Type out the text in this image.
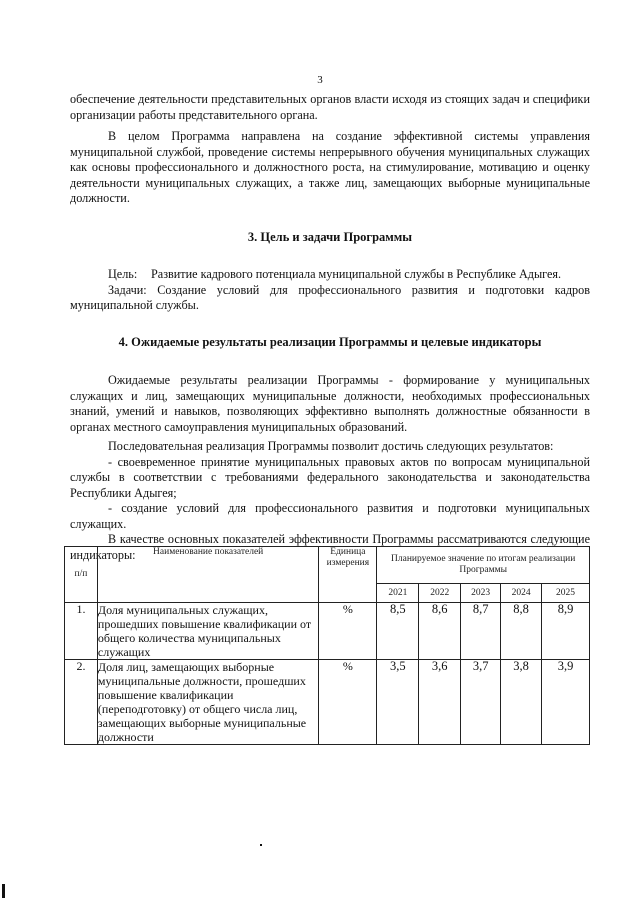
3

обеспечение деятельности представительных органов власти исходя из стоящих задач и специфики организации работы представительного органа.

В целом Программа направлена на создание эффективной системы управления муниципальной службой, проведение системы непрерывного обучения муниципальных служащих как основы профессионального и должностного роста, на стимулирование, мотивацию и оценку деятельности муниципальных служащих, а также лиц, замещающих выборные муниципальные должности.

3. Цель и задачи Программы

Цель:	Развитие кадрового потенциала муниципальной службы в Республике Адыгея.

Задачи: Создание условий для профессионального развития и подготовки кадров муниципальной службы.

4. Ожидаемые результаты реализации Программы и целевые индикаторы

Ожидаемые результаты реализации Программы - формирование у муниципальных служащих и лиц, замещающих муниципальные должности, необходимых профессиональных знаний, умений и навыков, позволяющих эффективно выполнять должностные обязанности в органах местного самоуправления муниципальных образований.

Последовательная реализация Программы позволит достичь следующих результатов:

- своевременное принятие муниципальных правовых актов по вопросам муниципальной службы в соответствии с требованиями федерального законодательства и законодательства Республики Адыгея;

- создание условий для профессионального развития и подготовки муниципальных служащих.

В качестве основных показателей эффективности Программы рассматриваются следующие индикаторы:

п/п	Наименование показателей	Единица измерения	Планируемое значение по итогам реализации Программы				
			2021	2022	2023	2024	2025
1.	Доля муниципальных служащих, прошедших повышение квалификации от общего количества муниципальных служащих	%	8,5	8,6	8,7	8,8	8,9
2.	Доля лиц, замещающих выборные муниципальные должности, прошедших повышение квалификации (переподготовку) от общего числа лиц, замещающих выборные муниципальные должности	%	3,5	3,6	3,7	3,8	3,9
